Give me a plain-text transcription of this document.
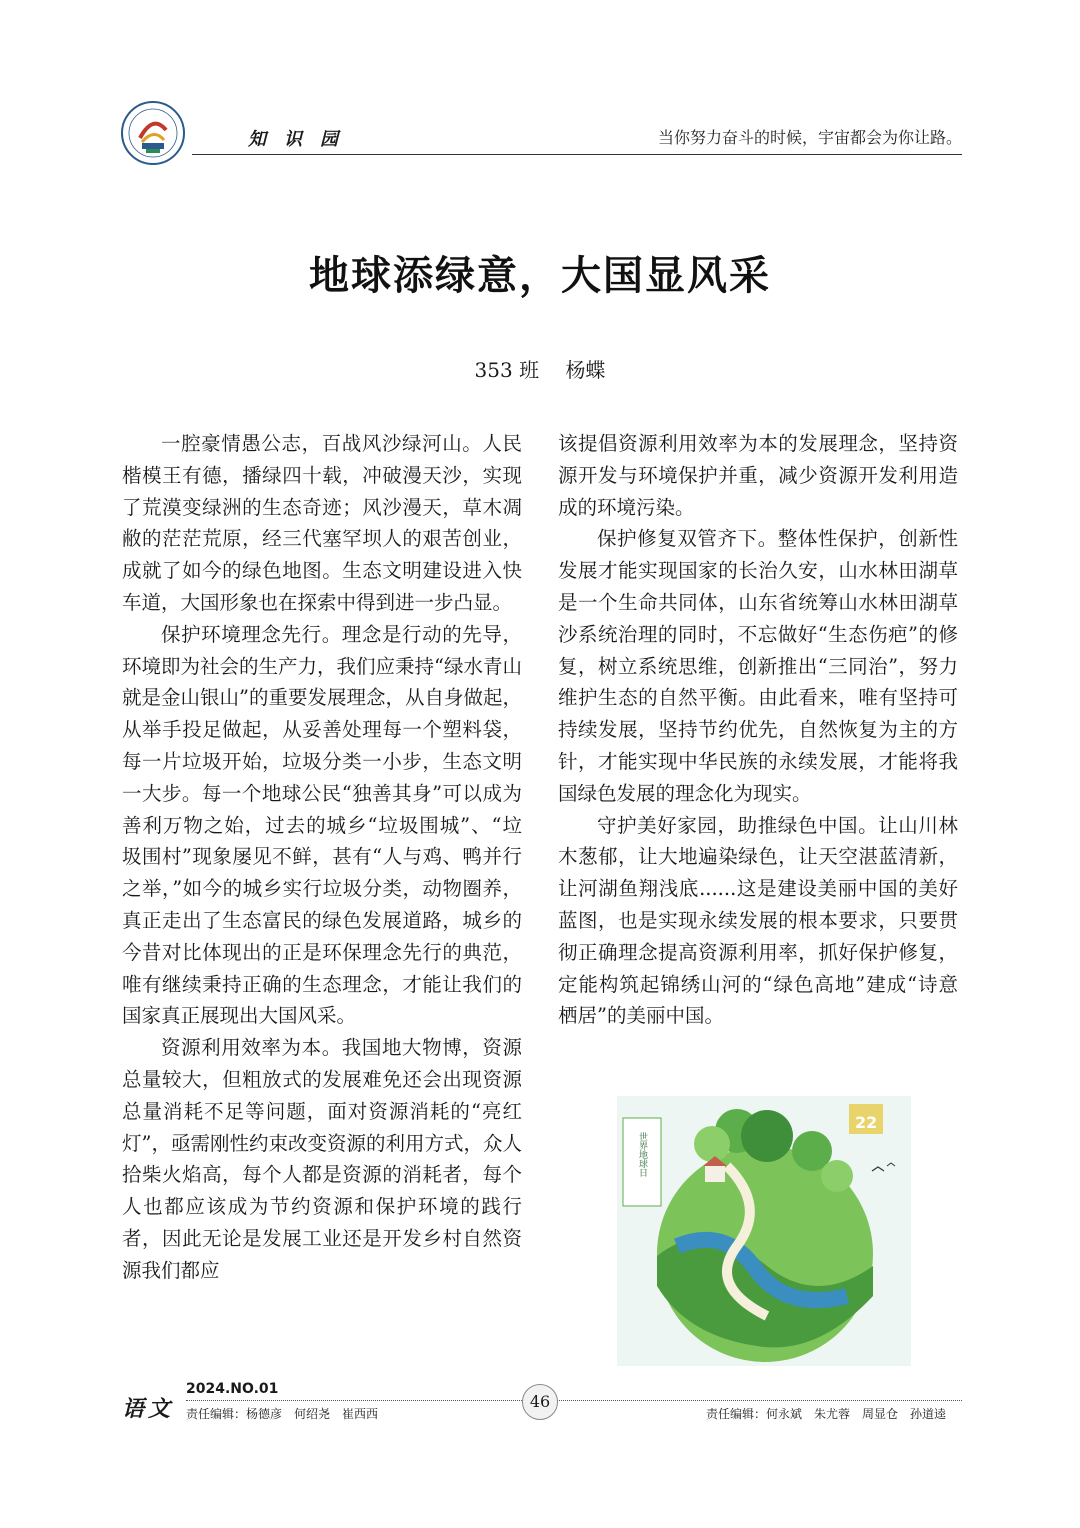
知识园	当你努力奋斗的时候，宇宙都会为你让路。
地球添绿意，大国显风采
353 班 杨蝶

一腔豪情愚公志，百战风沙绿河山。人民楷模王有德，播绿四十载，冲破漫天沙，实现了荒漠变绿洲的生态奇迹；风沙漫天，草木凋敝的茫茫荒原，经三代塞罕坝人的艰苦创业，成就了如今的绿色地图。生态文明建设进入快车道，大国形象也在探索中得到进一步凸显。

保护环境理念先行。理念是行动的先导，环境即为社会的生产力，我们应秉持“绿水青山就是金山银山”的重要发展理念，从自身做起，从举手投足做起，从妥善处理每一个塑料袋，每一片垃圾开始，垃圾分类一小步，生态文明一大步。每一个地球公民“独善其身”可以成为善利万物之始，过去的城乡“垃圾围城”、“垃圾围村”现象屡见不鲜，甚有“人与鸡、鸭并行之举，”如今的城乡实行垃圾分类，动物圈养，真正走出了生态富民的绿色发展道路，城乡的今昔对比体现出的正是环保理念先行的典范，唯有继续秉持正确的生态理念，才能让我们的国家真正展现出大国风采。

资源利用效率为本。我国地大物博，资源总量较大，但粗放式的发展难免还会出现资源总量消耗不足等问题，面对资源消耗的“亮红灯”，亟需刚性约束改变资源的利用方式，众人拾柴火焰高，每个人都是资源的消耗者，每个人也都应该成为节约资源和保护环境的践行者，因此无论是发展工业还是开发乡村自然资源我们都应

该提倡资源利用效率为本的发展理念，坚持资源开发与环境保护并重，减少资源开发利用造成的环境污染。

保护修复双管齐下。整体性保护，创新性发展才能实现国家的长治久安，山水林田湖草是一个生命共同体，山东省统筹山水林田湖草沙系统治理的同时，不忘做好“生态伤疤”的修复，树立系统思维，创新推出“三同治”，努力维护生态的自然平衡。由此看来，唯有坚持可持续发展，坚持节约优先，自然恢复为主的方针，才能实现中华民族的永续发展，才能将我国绿色发展的理念化为现实。

守护美好家园，助推绿色中国。让山川林木葱郁，让大地遍染绿色，让天空湛蓝清新，让河湖鱼翔浅底......这是建设美丽中国的美好蓝图，也是实现永续发展的根本要求，只要贯彻正确理念提高资源利用率，抓好保护修复，定能构筑起锦绣山河的“绿色高地”建成“诗意栖居”的美丽中国。

世界地球日
22
语文
2024.NO.01
46
责任编辑：杨德彦　何绍尧　崔西西	责任编辑：何永斌　朱尤蓉　周显仓　孙道逵
